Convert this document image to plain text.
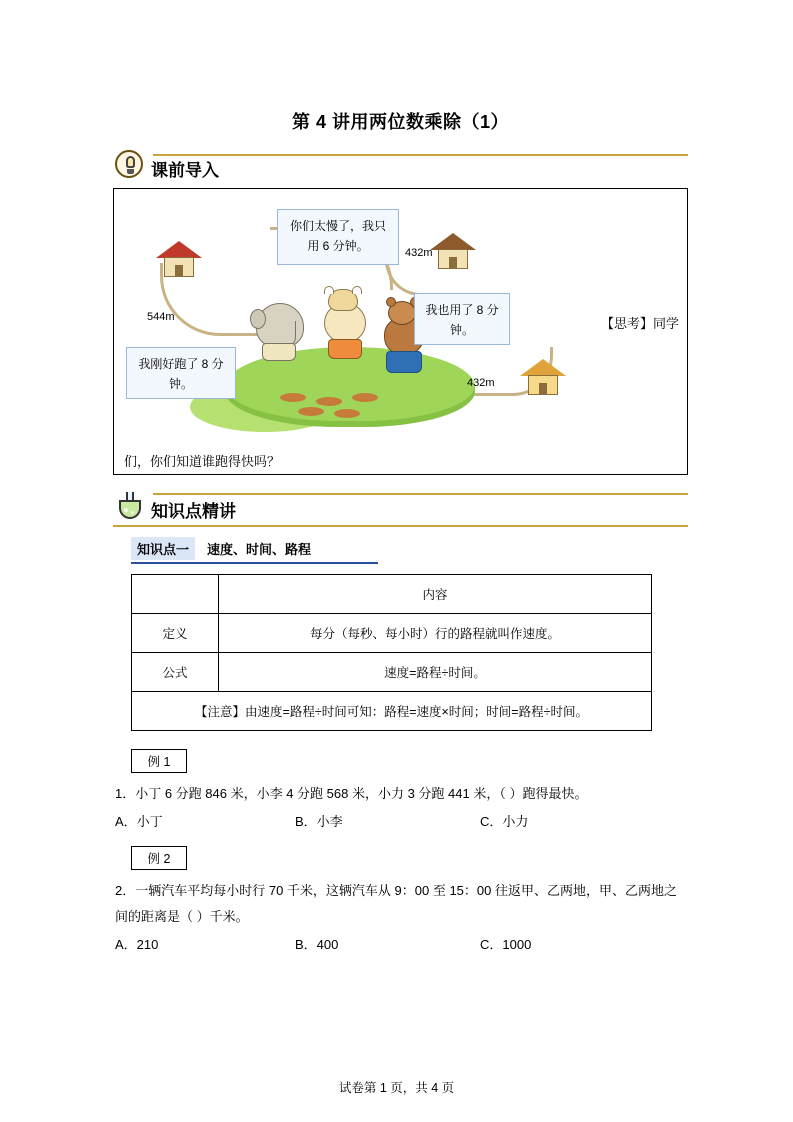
第 4 讲用两位数乘除（1）
课前导入
你们太慢了，我只用 6 分钟。
我也用了 8 分钟。
我刚好跑了 8 分钟。
544m
432m
432m
【思考】同学
们，你们知道谁跑得快吗？
知识点精讲
知识点一 速度、时间、路程
	内容
定义	每分（每秒、每小时）行的路程就叫作速度。
公式	速度=路程÷时间。
【注意】由速度=路程÷时间可知：路程=速度×时间；时间=路程÷时间。	
例 1
1．小丁 6 分跑 846 米，小李 4 分跑 568 米，小力 3 分跑 441 米，（ ）跑得最快。
A．小丁	B．小李	C．小力
例 2
2．一辆汽车平均每小时行 70 千米，这辆汽车从 9：00 至 15：00 往返甲、乙两地，甲、乙两地之间的距离是（ ）千米。
A．210	B．400	C．1000
试卷第 1 页，共 4 页
